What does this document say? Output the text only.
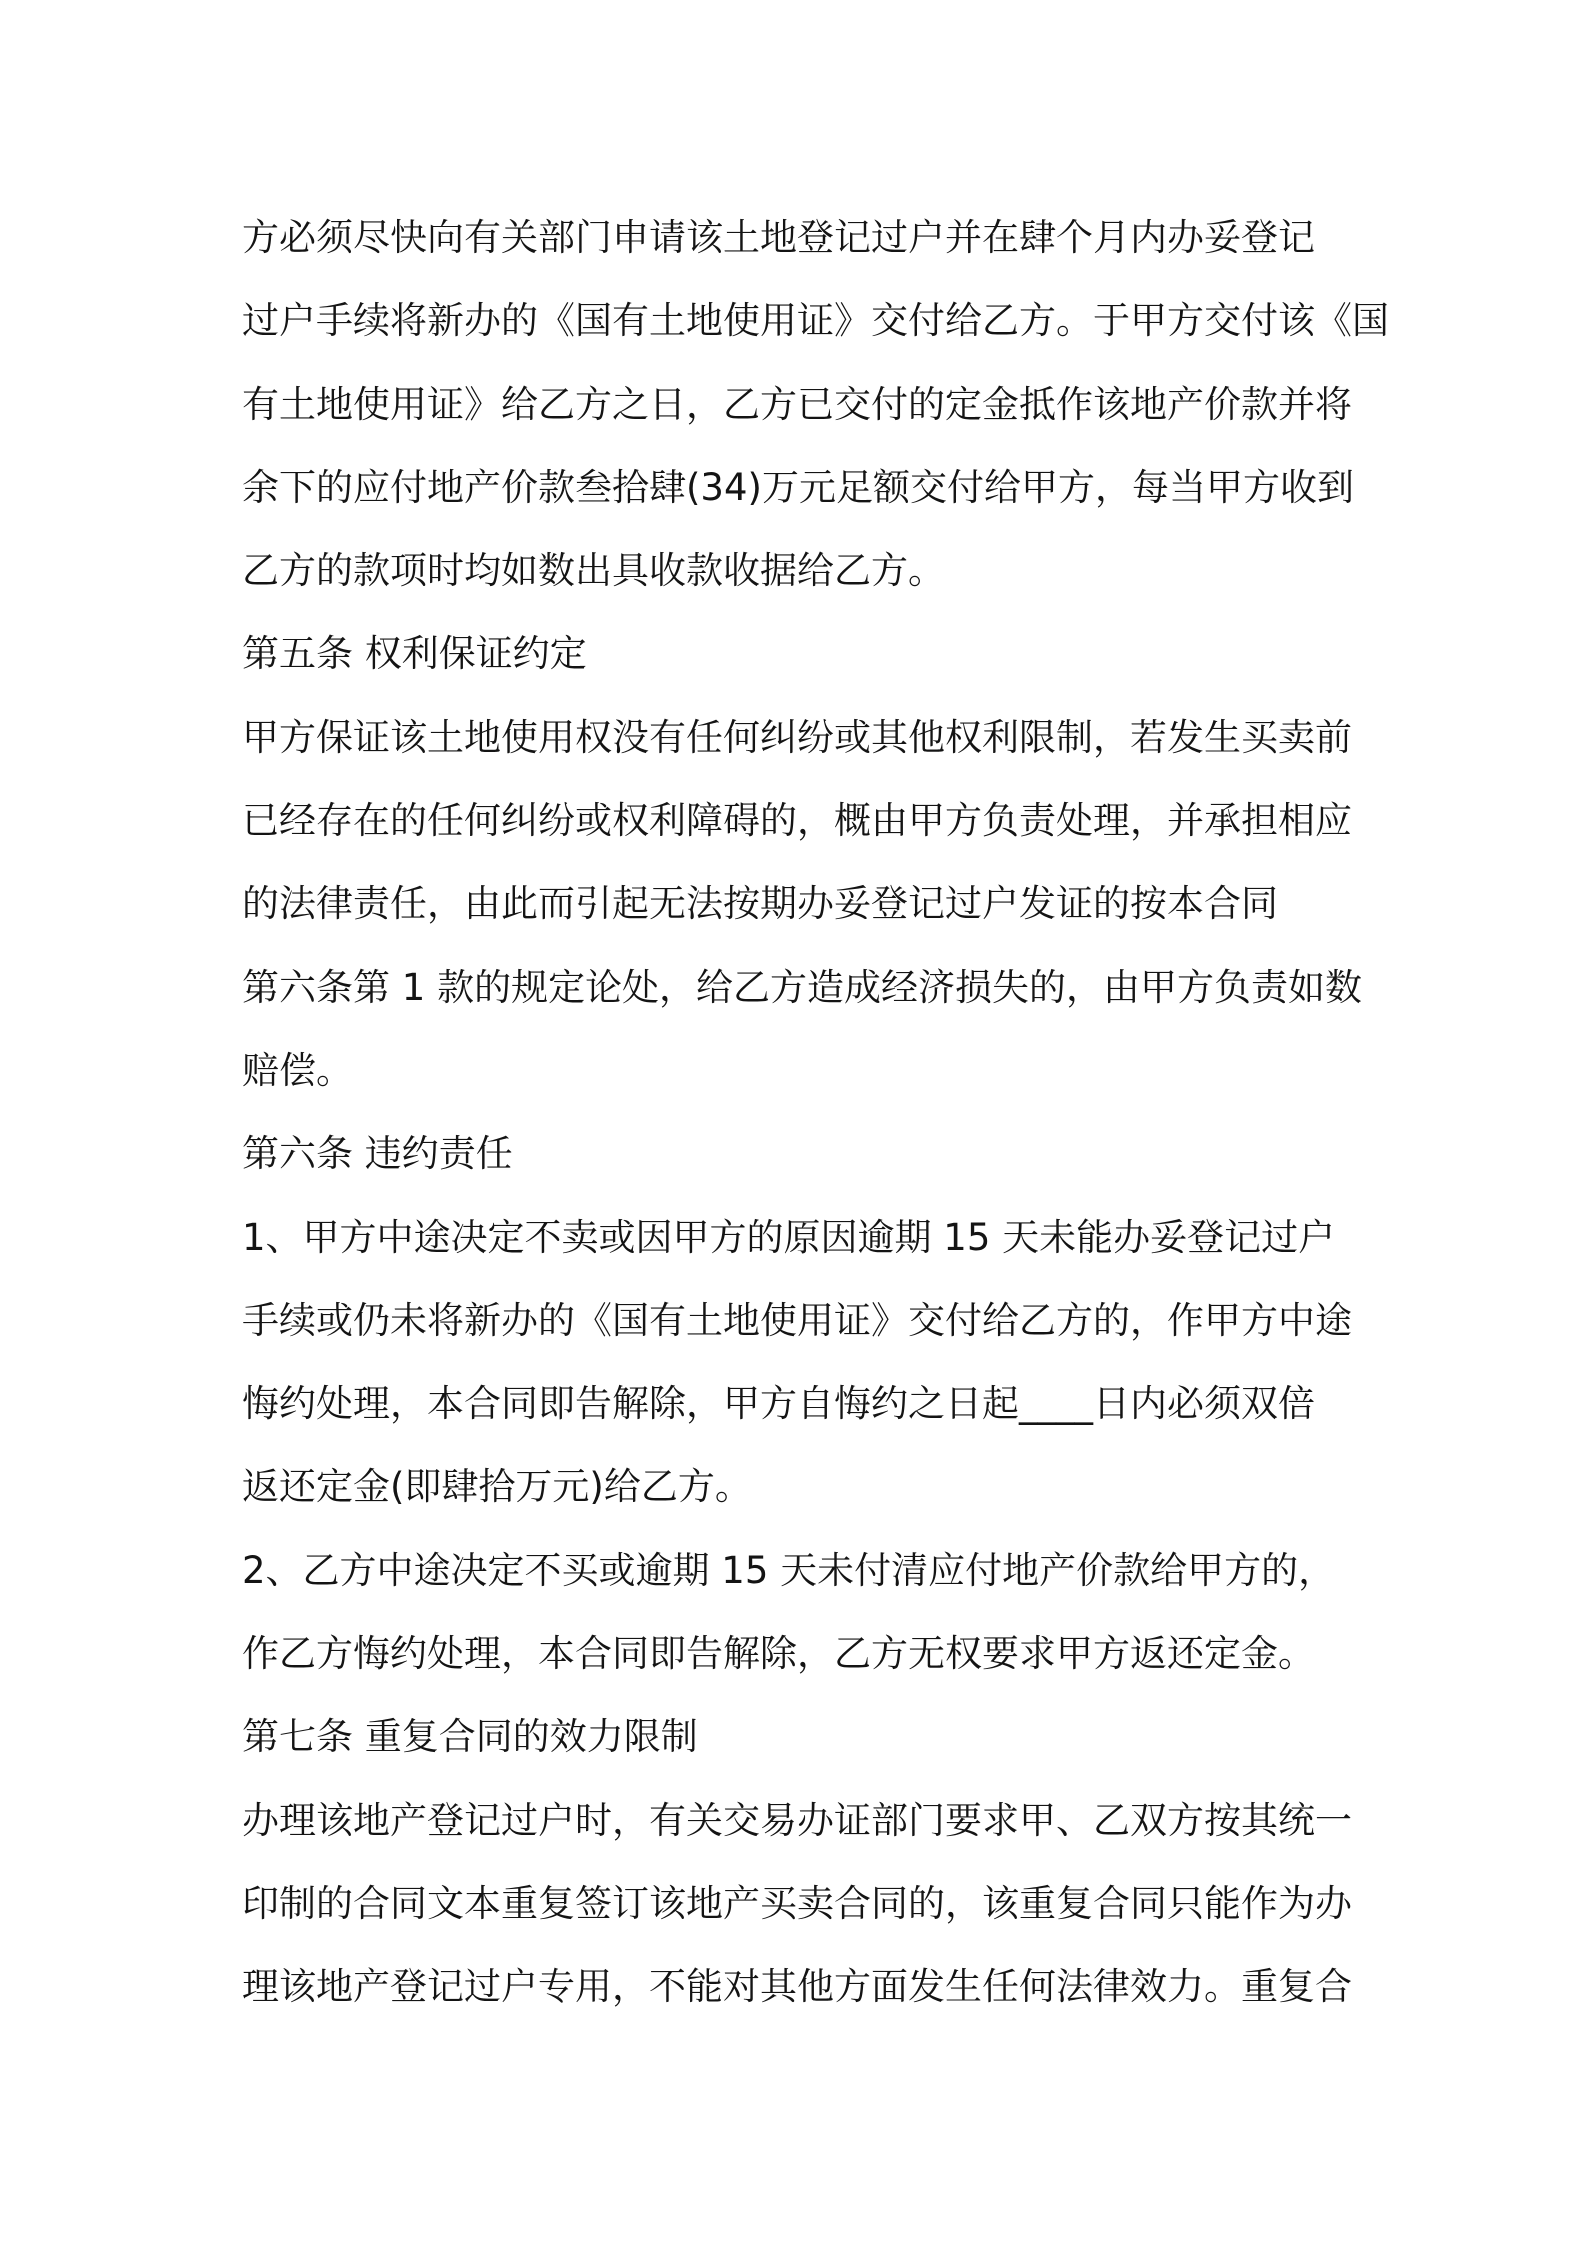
方必须尽快向有关部门申请该土地登记过户并在肆个月内办妥登记
过户手续将新办的《国有土地使用证》交付给乙方。于甲方交付该《国
有土地使用证》给乙方之日，乙方已交付的定金抵作该地产价款并将
余下的应付地产价款叁拾肆(34)万元足额交付给甲方，每当甲方收到
乙方的款项时均如数出具收款收据给乙方。
第五条 权利保证约定
甲方保证该土地使用权没有任何纠纷或其他权利限制，若发生买卖前
已经存在的任何纠纷或权利障碍的，概由甲方负责处理，并承担相应
的法律责任，由此而引起无法按期办妥登记过户发证的按本合同
第六条第 1 款的规定论处，给乙方造成经济损失的，由甲方负责如数
赔偿。
第六条 违约责任
1、甲方中途决定不卖或因甲方的原因逾期 15 天未能办妥登记过户
手续或仍未将新办的《国有土地使用证》交付给乙方的，作甲方中途
悔约处理，本合同即告解除，甲方自悔约之日起____日内必须双倍
返还定金(即肆拾万元)给乙方。
2、乙方中途决定不买或逾期 15 天未付清应付地产价款给甲方的，
作乙方悔约处理，本合同即告解除，乙方无权要求甲方返还定金。
第七条 重复合同的效力限制
办理该地产登记过户时，有关交易办证部门要求甲、乙双方按其统一
印制的合同文本重复签订该地产买卖合同的，该重复合同只能作为办
理该地产登记过户专用，不能对其他方面发生任何法律效力。重复合
